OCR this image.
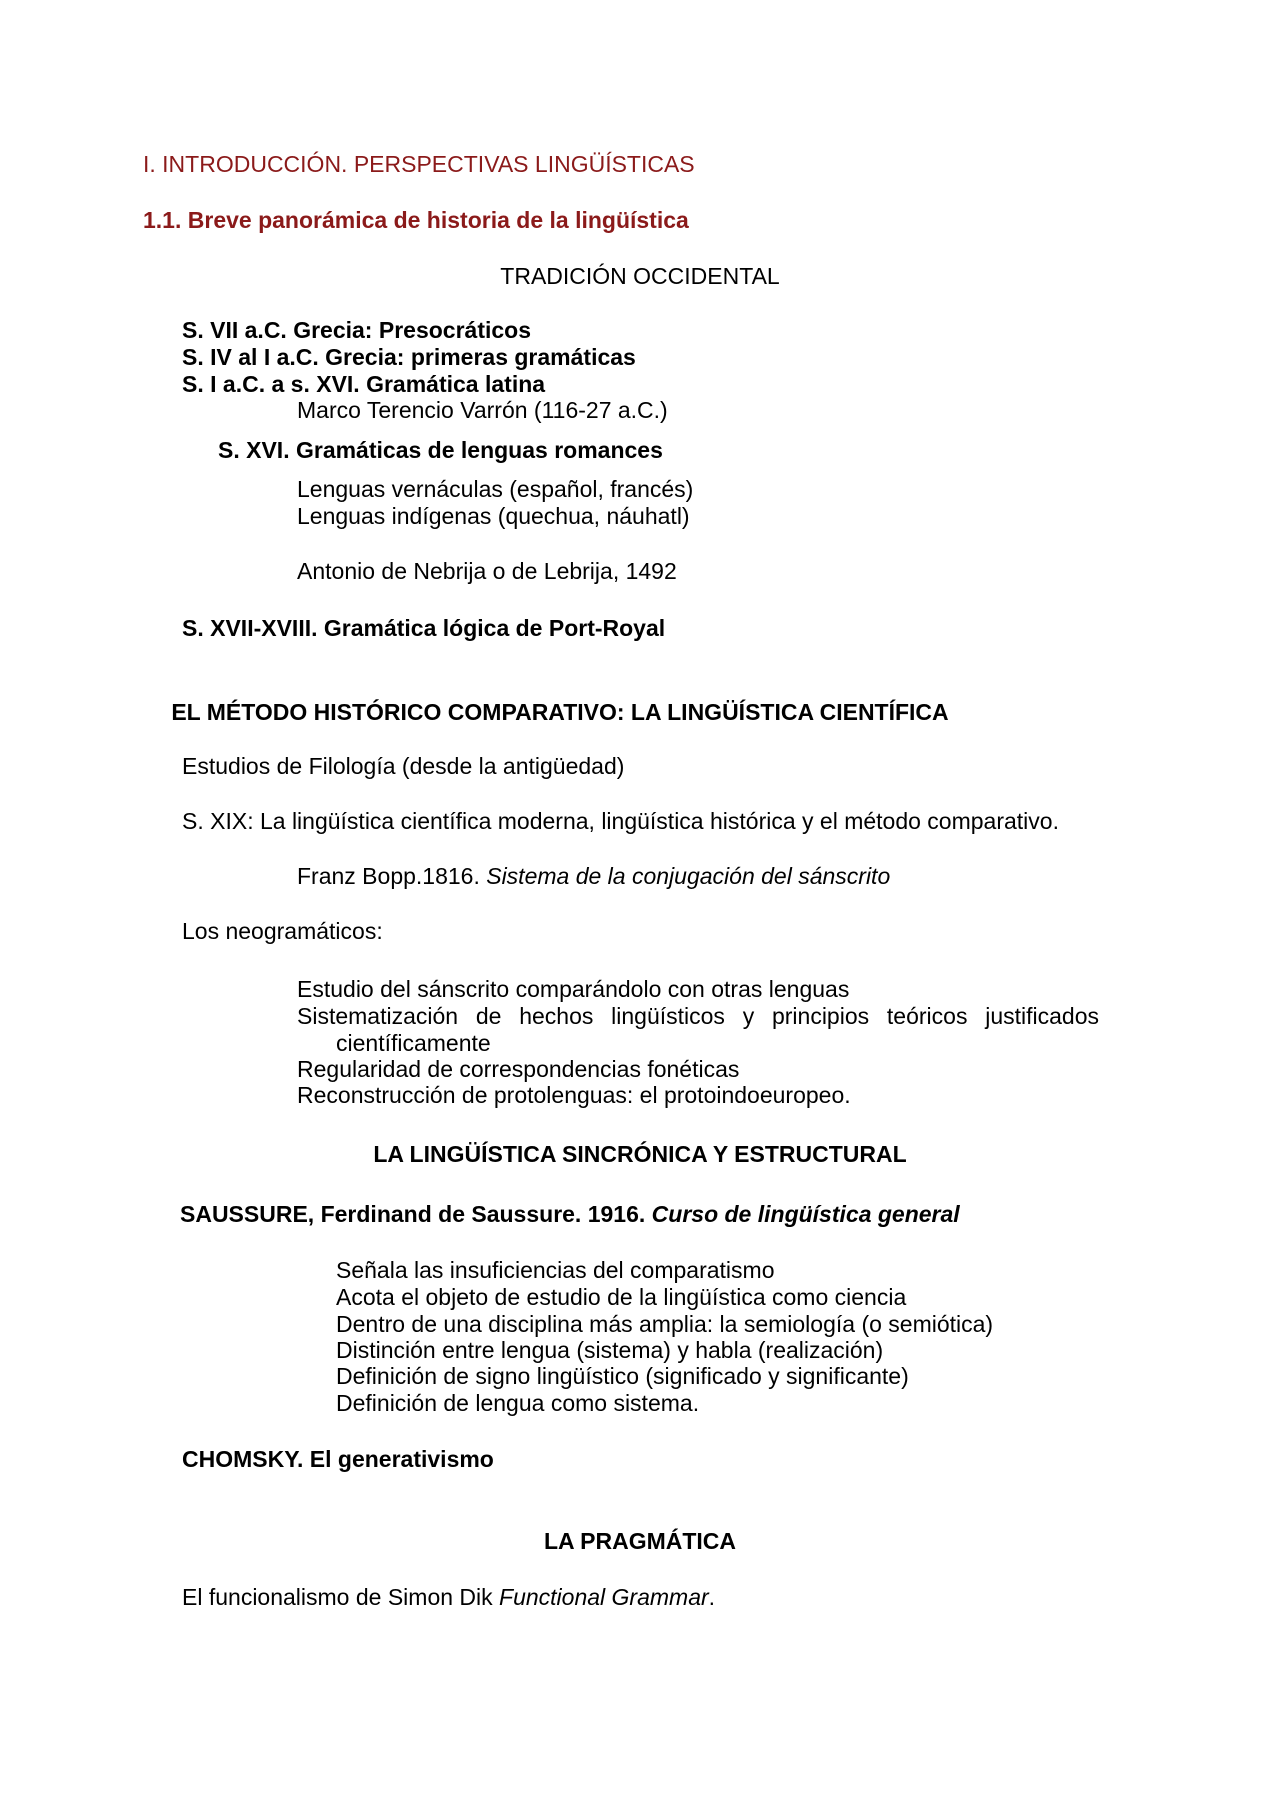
I. INTRODUCCIÓN. PERSPECTIVAS LINGÜÍSTICAS
1.1. Breve panorámica de historia de la lingüística
TRADICIÓN OCCIDENTAL
S. VII a.C. Grecia: Presocráticos
S. IV al I a.C. Grecia: primeras gramáticas
S. I a.C. a s. XVI. Gramática latina
Marco Terencio Varrón (116-27 a.C.)
S. XVI. Gramáticas de lenguas romances
Lenguas vernáculas (español, francés)
Lenguas indígenas (quechua, náuhatl)
Antonio de Nebrija o de Lebrija, 1492
S. XVII-XVIII. Gramática lógica de Port-Royal
EL MÉTODO HISTÓRICO COMPARATIVO: LA LINGÜÍSTICA CIENTÍFICA
Estudios de Filología (desde la antigüedad)
S. XIX: La lingüística científica moderna, lingüística histórica y el método comparativo.
Franz Bopp.1816. Sistema de la conjugación del sánscrito
Los neogramáticos:
Estudio del sánscrito comparándolo con otras lenguas
Sistematización de hechos lingüísticos y principios teóricos justificados
científicamente
Regularidad de correspondencias fonéticas
Reconstrucción de protolenguas: el protoindoeuropeo.
LA LINGÜÍSTICA SINCRÓNICA Y ESTRUCTURAL
SAUSSURE, Ferdinand de Saussure. 1916. Curso de lingüística general
Señala las insuficiencias del comparatismo
Acota el objeto de estudio de la lingüística como ciencia
Dentro de una disciplina más amplia: la semiología (o semiótica)
Distinción entre lengua (sistema) y habla (realización)
Definición de signo lingüístico (significado y significante)
Definición de lengua como sistema.
CHOMSKY. El generativismo
LA PRAGMÁTICA
El funcionalismo de Simon Dik Functional Grammar.
